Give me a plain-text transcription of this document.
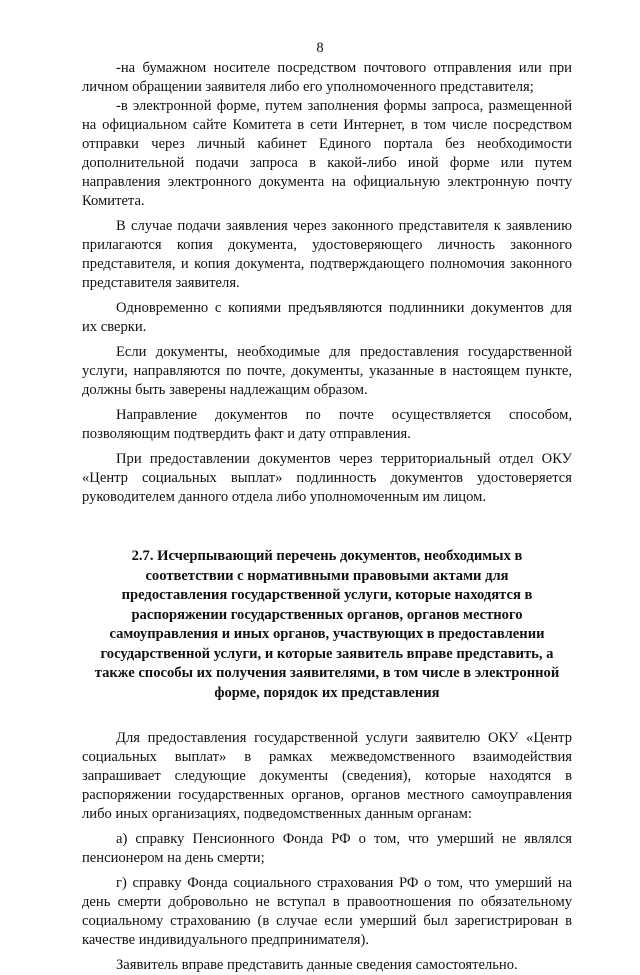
8

-на бумажном носителе посредством почтового отправления или при личном обращении заявителя либо его уполномоченного представителя;

-в электронной форме, путем заполнения формы запроса, размещенной на официальном сайте Комитета в сети Интернет, в том числе посредством отправки через личный кабинет Единого портала без необходимости дополнительной подачи запроса в какой-либо иной форме или путем направления электронного документа на официальную электронную почту Комитета.

В случае подачи заявления через законного представителя к заявлению прилагаются копия документа, удостоверяющего личность законного представителя, и копия документа, подтверждающего полномочия законного представителя заявителя.

Одновременно с копиями предъявляются подлинники документов для их сверки.

Если документы, необходимые для предоставления государственной услуги, направляются по почте, документы, указанные в настоящем пункте, должны быть заверены надлежащим образом.

Направление документов по почте осуществляется способом, позволяющим подтвердить факт и дату отправления.

При предоставлении документов через территориальный отдел ОКУ «Центр социальных выплат» подлинность документов удостоверяется руководителем данного отдела либо уполномоченным им лицом.

2.7. Исчерпывающий перечень документов, необходимых в соответствии с нормативными правовыми актами для предоставления государственной услуги, которые находятся в распоряжении государственных органов, органов местного самоуправления и иных органов, участвующих в предоставлении государственной услуги, и которые заявитель вправе представить, а также способы их получения заявителями, в том числе в электронной форме, порядок их представления

Для предоставления государственной услуги заявителю ОКУ «Центр социальных выплат» в рамках межведомственного взаимодействия запрашивает следующие документы (сведения), которые находятся в распоряжении государственных органов, органов местного самоуправления либо иных организациях, подведомственных данным органам:

а) справку Пенсионного Фонда РФ о том, что умерший не являлся пенсионером на день смерти;

г) справку Фонда социального страхования РФ о том, что умерший на день смерти добровольно не вступал в правоотношения по обязательному социальному страхованию (в случае если умерший был зарегистрирован в качестве индивидуального предпринимателя).

Заявитель вправе представить данные сведения самостоятельно.
